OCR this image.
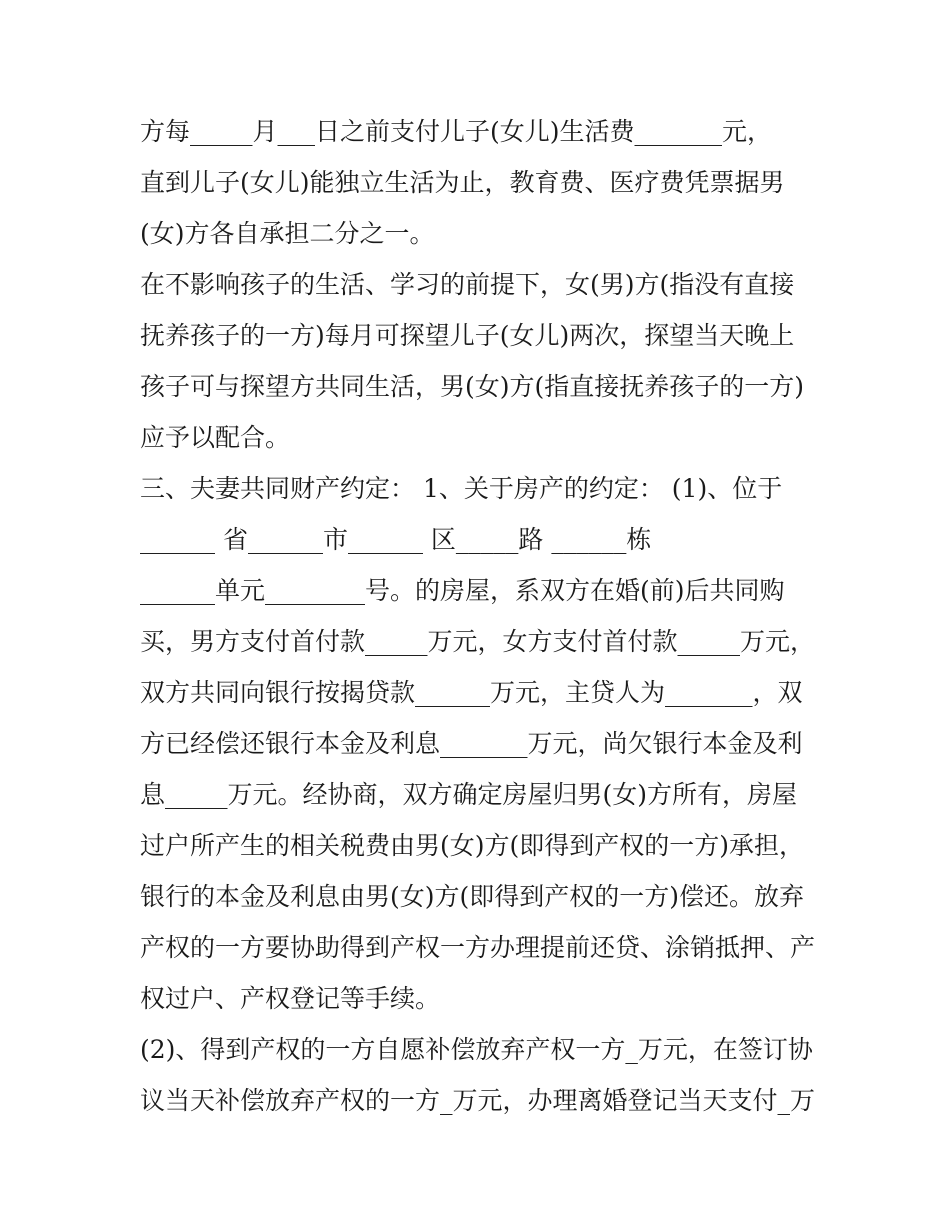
方每_____月___日之前支付儿子(女儿)生活费_______元，
直到儿子(女儿)能独立生活为止，教育费、医疗费凭票据男
(女)方各自承担二分之一。
在不影响孩子的生活、学习的前提下，女(男)方(指没有直接
抚养孩子的一方)每月可探望儿子(女儿)两次，探望当天晚上
孩子可与探望方共同生活，男(女)方(指直接抚养孩子的一方)
应予以配合。
三、夫妻共同财产约定： 1、关于房产的约定： (1)、位于
______ 省______市______ 区_____路 ______栋
______单元________号。的房屋，系双方在婚(前)后共同购
买，男方支付首付款_____万元，女方支付首付款_____万元，
双方共同向银行按揭贷款______万元，主贷人为_______，双
方已经偿还银行本金及利息_______万元，尚欠银行本金及利
息_____万元。经协商，双方确定房屋归男(女)方所有，房屋
过户所产生的相关税费由男(女)方(即得到产权的一方)承担，
银行的本金及利息由男(女)方(即得到产权的一方)偿还。放弃
产权的一方要协助得到产权一方办理提前还贷、涂销抵押、产
权过户、产权登记等手续。
(2)、得到产权的一方自愿补偿放弃产权一方_万元，在签订协
议当天补偿放弃产权的一方_万元，办理离婚登记当天支付_万
